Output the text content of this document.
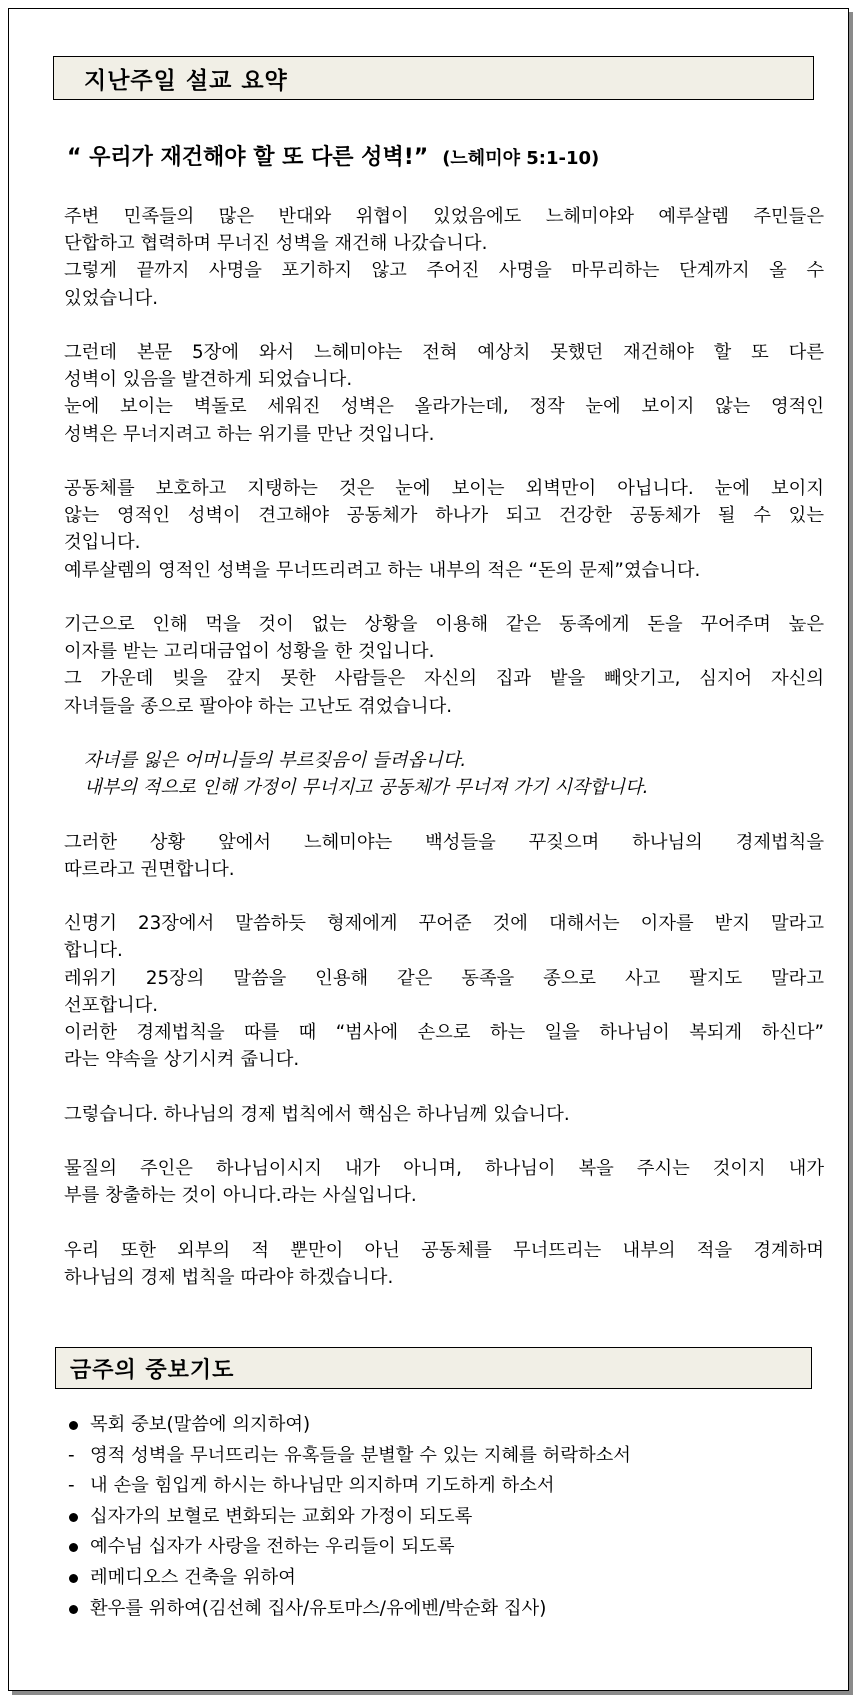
지난주일 설교 요약
“ 우리가 재건해야 할 또 다른 성벽!” (느헤미야 5:1-10)
주변 민족들의 많은 반대와 위협이 있었음에도 느헤미야와 예루살렘 주민들은
단합하고 협력하며 무너진 성벽을 재건해 나갔습니다.
그렇게 끝까지 사명을 포기하지 않고 주어진 사명을 마무리하는 단계까지 올 수
있었습니다.
그런데 본문 5장에 와서 느헤미야는 전혀 예상치 못했던 재건해야 할 또 다른
성벽이 있음을 발견하게 되었습니다.
눈에 보이는 벽돌로 세워진 성벽은 올라가는데, 정작 눈에 보이지 않는 영적인
성벽은 무너지려고 하는 위기를 만난 것입니다.
공동체를 보호하고 지탱하는 것은 눈에 보이는 외벽만이 아닙니다. 눈에 보이지
않는 영적인 성벽이 견고해야 공동체가 하나가 되고 건강한 공동체가 될 수 있는
것입니다.
예루살렘의 영적인 성벽을 무너뜨리려고 하는 내부의 적은 “돈의 문제”였습니다.
기근으로 인해 먹을 것이 없는 상황을 이용해 같은 동족에게 돈을 꾸어주며 높은
이자를 받는 고리대금업이 성황을 한 것입니다.
그 가운데 빚을 갚지 못한 사람들은 자신의 집과 밭을 빼앗기고, 심지어 자신의
자녀들을 종으로 팔아야 하는 고난도 겪었습니다.
자녀를 잃은 어머니들의 부르짖음이 들려옵니다.
내부의 적으로 인해 가정이 무너지고 공동체가 무너져 가기 시작합니다.
그러한 상황 앞에서 느헤미야는 백성들을 꾸짖으며 하나님의 경제법칙을
따르라고 권면합니다.
신명기 23장에서 말씀하듯 형제에게 꾸어준 것에 대해서는 이자를 받지 말라고
합니다.
레위기 25장의 말씀을 인용해 같은 동족을 종으로 사고 팔지도 말라고
선포합니다.
이러한 경제법칙을 따를 때 “범사에 손으로 하는 일을 하나님이 복되게 하신다”
라는 약속을 상기시켜 줍니다.
그렇습니다. 하나님의 경제 법칙에서 핵심은 하나님께 있습니다.
물질의 주인은 하나님이시지 내가 아니며, 하나님이 복을 주시는 것이지 내가
부를 창출하는 것이 아니다.라는 사실입니다.
우리 또한 외부의 적 뿐만이 아닌 공동체를 무너뜨리는 내부의 적을 경계하며
하나님의 경제 법칙을 따라야 하겠습니다.
금주의 중보기도
목회 중보(말씀에 의지하여)
- 영적 성벽을 무너뜨리는 유혹들을 분별할 수 있는 지혜를 허락하소서
- 내 손을 힘입게 하시는 하나님만 의지하며 기도하게 하소서
십자가의 보혈로 변화되는 교회와 가정이 되도록
예수님 십자가 사랑을 전하는 우리들이 되도록
레메디오스 건축을 위하여
환우를 위하여(김선혜 집사/유토마스/유에벤/박순화 집사)
